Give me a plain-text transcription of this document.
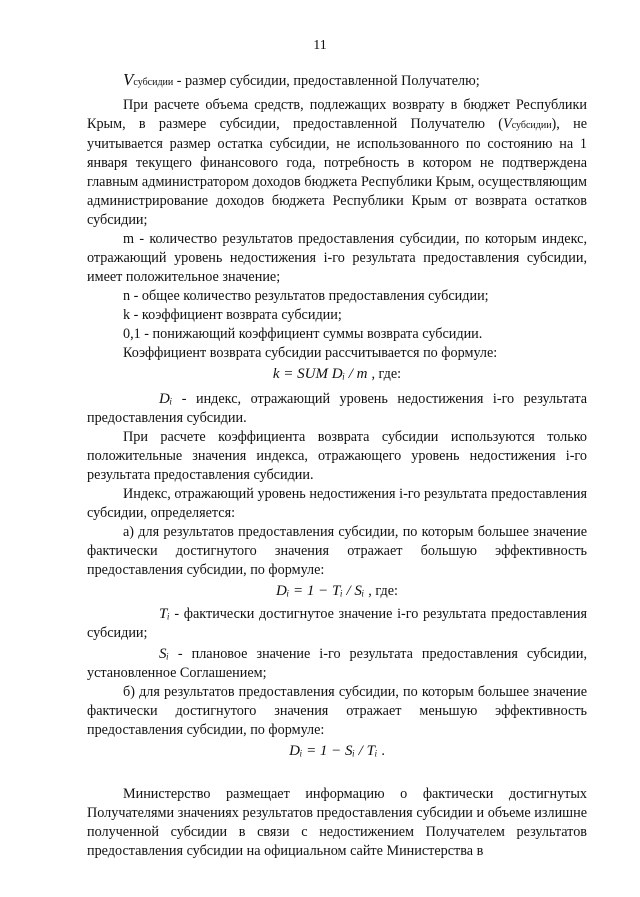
11

Vсубсидии - размер субсидии, предоставленной Получателю;

При расчете объема средств, подлежащих возврату в бюджет Республики Крым, в размере субсидии, предоставленной Получателю (Vсубсидии), не учитывается размер остатка субсидии, не использованного по состоянию на 1 января текущего финансового года, потребность в котором не подтверждена главным администратором доходов бюджета Республики Крым, осуществляющим администрирование доходов бюджета Республики Крым от возврата остатков субсидии;

m - количество результатов предоставления субсидии, по которым индекс, отражающий уровень недостижения i-го результата предоставления субсидии, имеет положительное значение;

n - общее количество результатов предоставления субсидии;

k - коэффициент возврата субсидии;

0,1 - понижающий коэффициент суммы возврата субсидии.

Коэффициент возврата субсидии рассчитывается по формуле:

k = SUM Dᵢ / m , где:

Dᵢ - индекс, отражающий уровень недостижения i-го результата предоставления субсидии.

При расчете коэффициента возврата субсидии используются только положительные значения индекса, отражающего уровень недостижения i-го результата предоставления субсидии.

Индекс, отражающий уровень недостижения i-го результата предоставления субсидии, определяется:

а) для результатов предоставления субсидии, по которым большее значение фактически достигнутого значения отражает большую эффективность предоставления субсидии, по формуле:

Dᵢ = 1 − Tᵢ / Sᵢ , где:

Tᵢ - фактически достигнутое значение i-го результата предоставления субсидии;

Sᵢ - плановое значение i-го результата предоставления субсидии, установленное Соглашением;

б) для результатов предоставления субсидии, по которым большее значение фактически достигнутого значения отражает меньшую эффективность предоставления субсидии, по формуле:

Dᵢ = 1 − Sᵢ / Tᵢ .

Министерство размещает информацию о фактически достигнутых Получателями значениях результатов предоставления субсидии и объеме излишне полученной субсидии в связи с недостижением Получателем результатов предоставления субсидии на официальном сайте Министерства в
